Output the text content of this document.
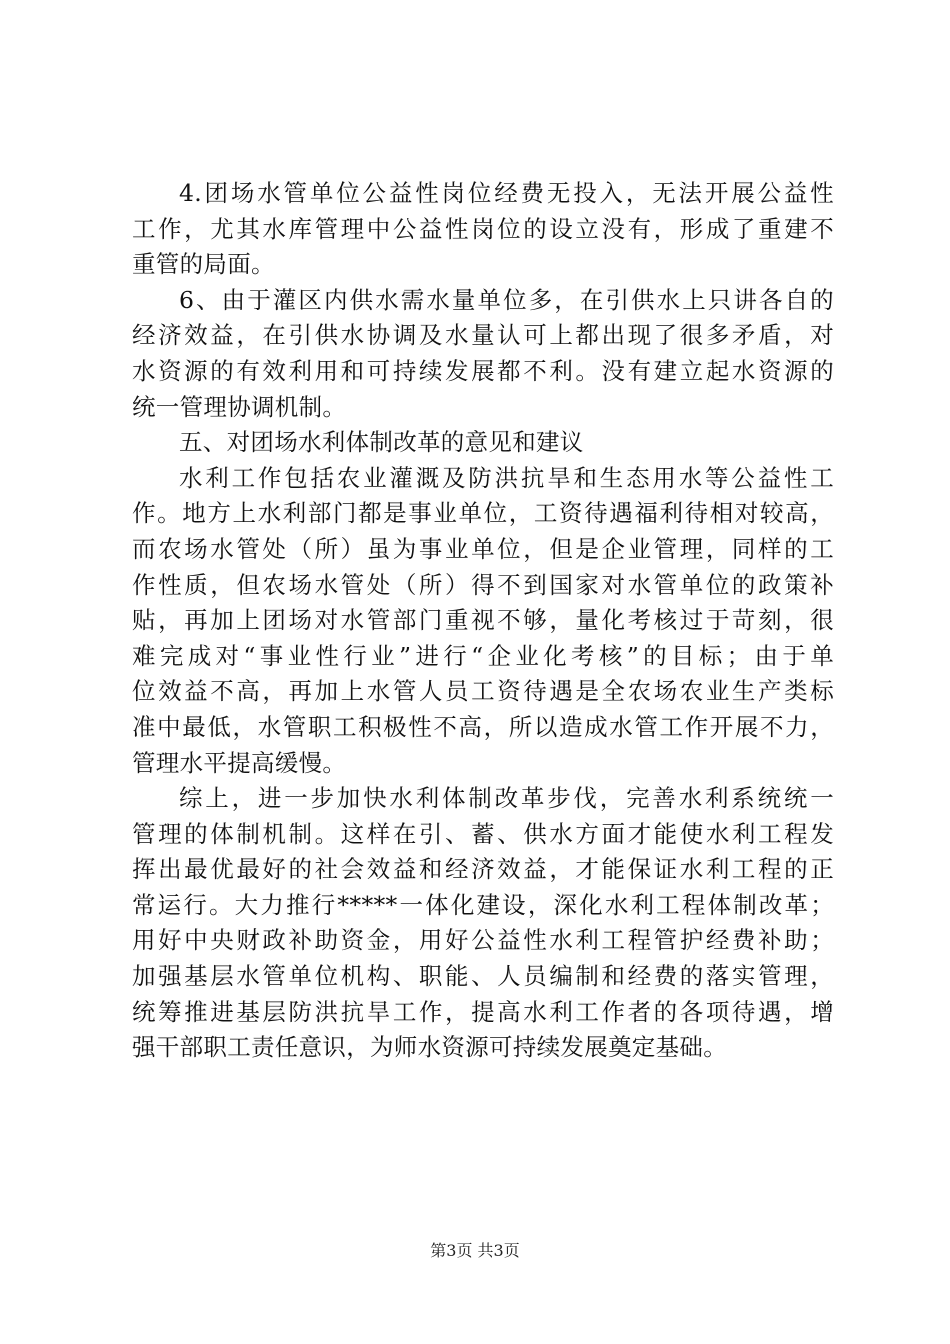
4.团场水管单位公益性岗位经费无投入，无法开展公益性
工作，尤其水库管理中公益性岗位的设立没有，形成了重建不
重管的局面。
6、由于灌区内供水需水量单位多，在引供水上只讲各自的
经济效益，在引供水协调及水量认可上都出现了很多矛盾，对
水资源的有效利用和可持续发展都不利。没有建立起水资源的
统一管理协调机制。
五、对团场水利体制改革的意见和建议
水利工作包括农业灌溉及防洪抗旱和生态用水等公益性工
作。地方上水利部门都是事业单位，工资待遇福利待相对较高，
而农场水管处（所）虽为事业单位，但是企业管理，同样的工
作性质，但农场水管处（所）得不到国家对水管单位的政策补
贴，再加上团场对水管部门重视不够，量化考核过于苛刻，很
难完成对“事业性行业”进行“企业化考核”的目标；由于单
位效益不高，再加上水管人员工资待遇是全农场农业生产类标
准中最低，水管职工积极性不高，所以造成水管工作开展不力，
管理水平提高缓慢。
综上，进一步加快水利体制改革步伐，完善水利系统统一
管理的体制机制。这样在引、蓄、供水方面才能使水利工程发
挥出最优最好的社会效益和经济效益，才能保证水利工程的正
常运行。大力推行*****一体化建设，深化水利工程体制改革；
用好中央财政补助资金，用好公益性水利工程管护经费补助；
加强基层水管单位机构、职能、人员编制和经费的落实管理，
统筹推进基层防洪抗旱工作，提高水利工作者的各项待遇，增
强干部职工责任意识，为师水资源可持续发展奠定基础。
第3页 共3页
